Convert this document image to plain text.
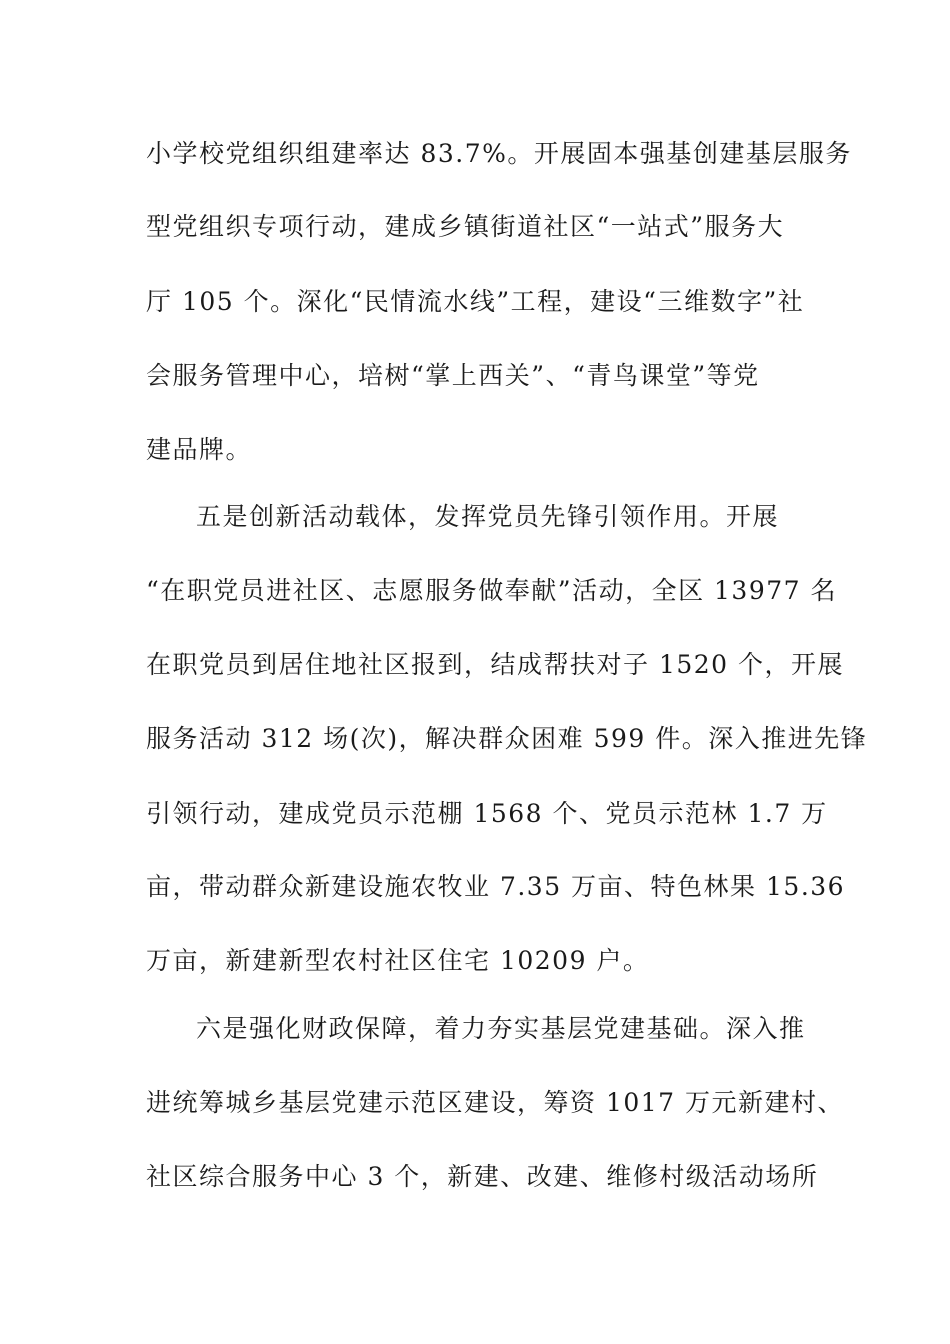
小学校党组织组建率达 83.7%。开展固本强基创建基层服务
型党组织专项行动，建成乡镇街道社区“一站式”服务大
厅 105 个。深化“民情流水线”工程，建设“三维数字”社
会服务管理中心，培树“掌上西关”、“青鸟课堂”等党
建品牌。
五是创新活动载体，发挥党员先锋引领作用。开展
“在职党员进社区、志愿服务做奉献”活动，全区 13977 名
在职党员到居住地社区报到，结成帮扶对子 1520 个，开展
服务活动 312 场(次)，解决群众困难 599 件。深入推进先锋
引领行动，建成党员示范棚 1568 个、党员示范林 1.7 万
亩，带动群众新建设施农牧业 7.35 万亩、特色林果 15.36
万亩，新建新型农村社区住宅 10209 户。
六是强化财政保障，着力夯实基层党建基础。深入推
进统筹城乡基层党建示范区建设，筹资 1017 万元新建村、
社区综合服务中心 3 个，新建、改建、维修村级活动场所
